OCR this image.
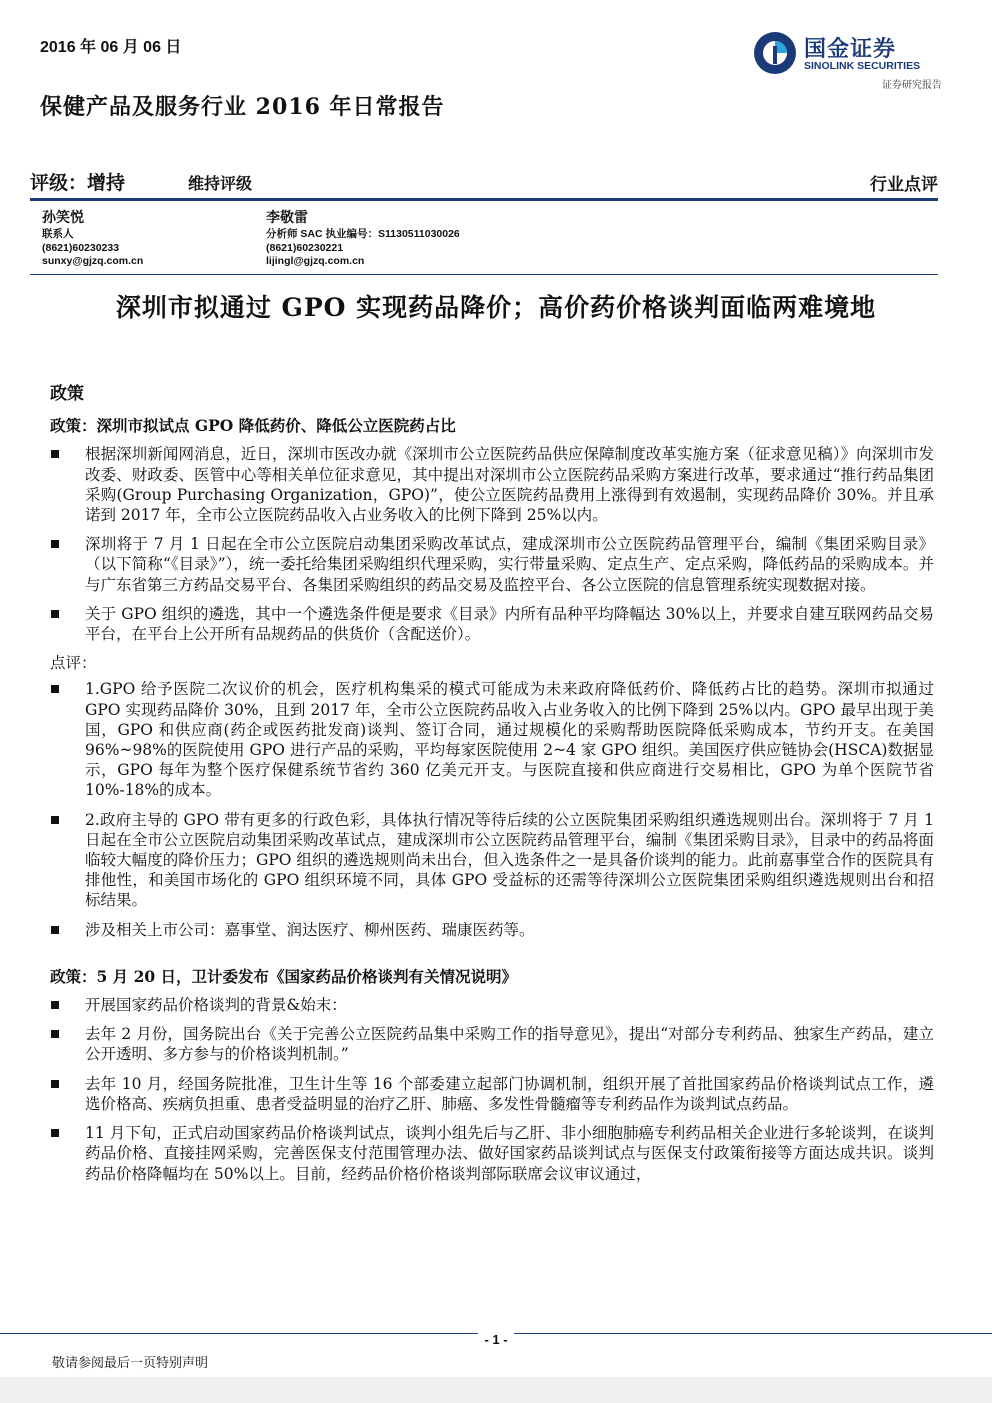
2016 年 06 月 06 日	国金证券
SINOLINK SECURITIES
证券研究报告
保健产品及服务行业 2016 年日常报告
评级：增持	维持评级	行业点评
孙笑悦
联系人
(8621)60230233
sunxy@gjzq.com.cn
李敬雷
分析师 SAC 执业编号：S1130511030026
(8621)60230221
lijingl@gjzq.com.cn
深圳市拟通过 GPO 实现药品降价；高价药价格谈判面临两难境地
政策
政策：深圳市拟试点 GPO 降低药价、降低公立医院药占比
根据深圳新闻网消息，近日，深圳市医改办就《深圳市公立医院药品供应保障制度改革实施方案（征求意见稿）》向深圳市发改委、财政委、医管中心等相关单位征求意见，其中提出对深圳市公立医院药品采购方案进行改革，要求通过“推行药品集团采购(Group Purchasing Organization，GPO)”，使公立医院药品费用上涨得到有效遏制，实现药品降价 30%。并且承诺到 2017 年，全市公立医院药品收入占业务收入的比例下降到 25%以内。
深圳将于 7 月 1 日起在全市公立医院启动集团采购改革试点，建成深圳市公立医院药品管理平台，编制《集团采购目录》（以下简称“《目录》”），统一委托给集团采购组织代理采购，实行带量采购、定点生产、定点采购，降低药品的采购成本。并与广东省第三方药品交易平台、各集团采购组织的药品交易及监控平台、各公立医院的信息管理系统实现数据对接。
关于 GPO 组织的遴选，其中一个遴选条件便是要求《目录》内所有品种平均降幅达 30%以上，并要求自建互联网药品交易平台，在平台上公开所有品规药品的供货价（含配送价）。
点评：
1.GPO 给予医院二次议价的机会，医疗机构集采的模式可能成为未来政府降低药价、降低药占比的趋势。深圳市拟通过 GPO 实现药品降价 30%，且到 2017 年，全市公立医院药品收入占业务收入的比例下降到 25%以内。GPO 最早出现于美国，GPO 和供应商(药企或医药批发商)谈判、签订合同，通过规模化的采购帮助医院降低采购成本，节约开支。在美国 96%~98%的医院使用 GPO 进行产品的采购，平均每家医院使用 2~4 家 GPO 组织。美国医疗供应链协会(HSCA)数据显示，GPO 每年为整个医疗保健系统节省约 360 亿美元开支。与医院直接和供应商进行交易相比，GPO 为单个医院节省 10%-18%的成本。
2.政府主导的 GPO 带有更多的行政色彩，具体执行情况等待后续的公立医院集团采购组织遴选规则出台。深圳将于 7 月 1 日起在全市公立医院启动集团采购改革试点，建成深圳市公立医院药品管理平台，编制《集团采购目录》，目录中的药品将面临较大幅度的降价压力；GPO 组织的遴选规则尚未出台，但入选条件之一是具备价谈判的能力。此前嘉事堂合作的医院具有排他性，和美国市场化的 GPO 组织环境不同，具体 GPO 受益标的还需等待深圳公立医院集团采购组织遴选规则出台和招标结果。
涉及相关上市公司：嘉事堂、润达医疗、柳州医药、瑞康医药等。
政策：5 月 20 日，卫计委发布《国家药品价格谈判有关情况说明》
开展国家药品价格谈判的背景&始末：
去年 2 月份，国务院出台《关于完善公立医院药品集中采购工作的指导意见》，提出“对部分专利药品、独家生产药品，建立公开透明、多方参与的价格谈判机制。”
去年 10 月，经国务院批准，卫生计生等 16 个部委建立起部门协调机制，组织开展了首批国家药品价格谈判试点工作，遴选价格高、疾病负担重、患者受益明显的治疗乙肝、肺癌、多发性骨髓瘤等专利药品作为谈判试点药品。
11 月下旬，正式启动国家药品价格谈判试点，谈判小组先后与乙肝、非小细胞肺癌专利药品相关企业进行多轮谈判，在谈判药品价格、直接挂网采购，完善医保支付范围管理办法、做好国家药品谈判试点与医保支付政策衔接等方面达成共识。谈判药品价格降幅均在 50%以上。目前，经药品价格价格谈判部际联席会议审议通过，
- 1 -
敬请参阅最后一页特别声明
